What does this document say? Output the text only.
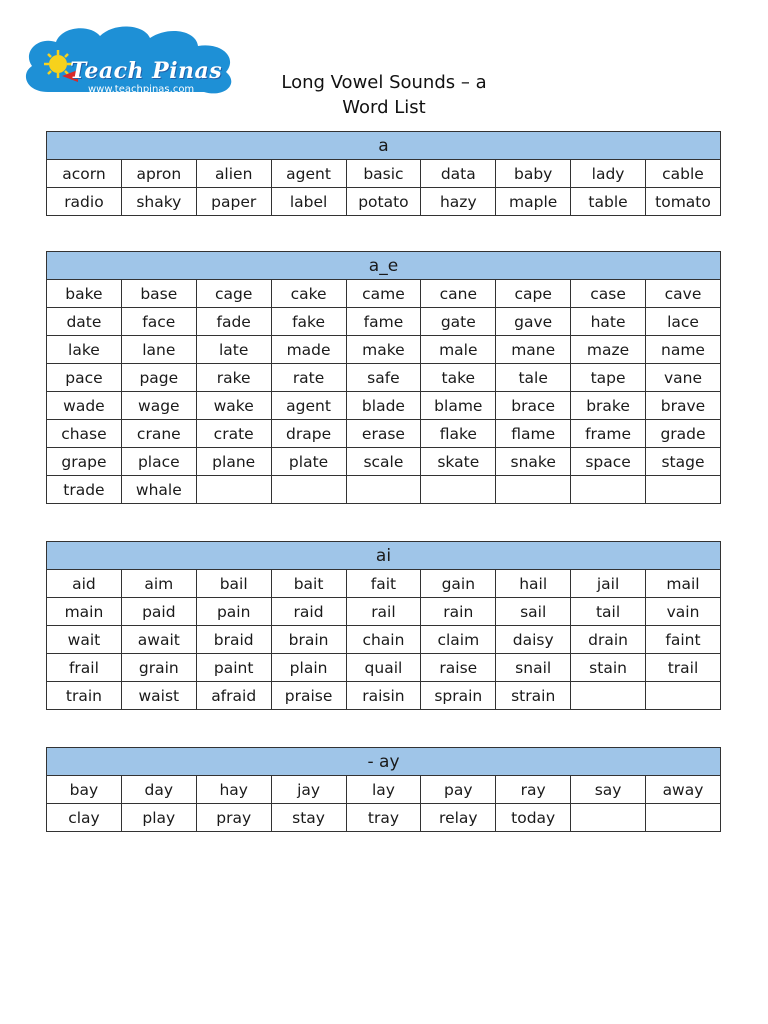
Teach Pinas
www.teachpinas.com	Long Vowel Sounds – a
Word List
a								
acorn	apron	alien	agent	basic	data	baby	lady	cable
radio	shaky	paper	label	potato	hazy	maple	table	tomato
a_e								
bake	base	cage	cake	came	cane	cape	case	cave
date	face	fade	fake	fame	gate	gave	hate	lace
lake	lane	late	made	make	male	mane	maze	name
pace	page	rake	rate	safe	take	tale	tape	vane
wade	wage	wake	agent	blade	blame	brace	brake	brave
chase	crane	crate	drape	erase	flake	flame	frame	grade
grape	place	plane	plate	scale	skate	snake	space	stage
trade	whale							
ai								
aid	aim	bail	bait	fait	gain	hail	jail	mail
main	paid	pain	raid	rail	rain	sail	tail	vain
wait	await	braid	brain	chain	claim	daisy	drain	faint
frail	grain	paint	plain	quail	raise	snail	stain	trail
train	waist	afraid	praise	raisin	sprain	strain		
- ay								
bay	day	hay	jay	lay	pay	ray	say	away
clay	play	pray	stay	tray	relay	today		
